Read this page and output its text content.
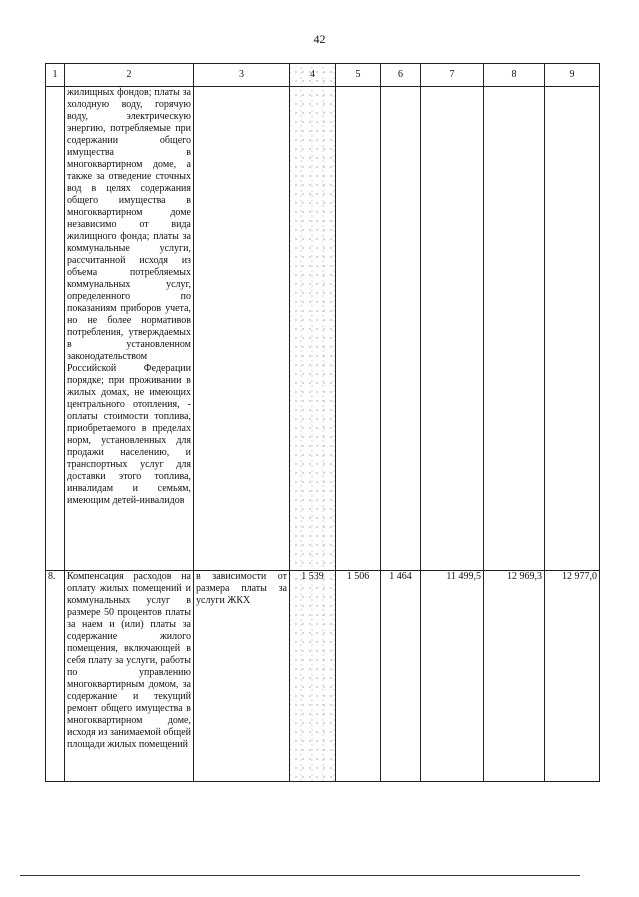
42
1	2	3	4	5	6	7	8	9
	жилищных фондов; платы за холодную воду, горячую воду, электрическую энергию, потребляемые при содержании общего имущества в многоквартирном доме, а также за отведение сточных вод в целях содержания общего имущества в многоквартирном доме независимо от вида жилищного фонда; платы за коммунальные услуги, рассчитанной исходя из объема потребляемых коммунальных услуг, определенного по показаниям приборов учета, но не более нормативов потребления, утверждаемых в установленном законодательством Российской Федерации порядке; при проживании в жилых домах, не имеющих центрального отопления, - оплаты стоимости топлива, приобретаемого в пределах норм, установленных для продажи населению, и транспортных услуг для доставки этого топлива, инвалидам и семьям, имеющим детей-инвалидов							
8.	Компенсация расходов на оплату жилых помещений и коммунальных услуг в размере 50 процентов платы за наем и (или) платы за содержание жилого помещения, включающей в себя плату за услуги, работы по управлению многоквартирным домом, за содержание и текущий ремонт общего имущества в многоквартирном доме, исходя из занимаемой общей площади жилых помещений	в зависимости от размера платы за услуги ЖКХ	1 539	1 506	1 464	11 499,5	12 969,3	12 977,0
